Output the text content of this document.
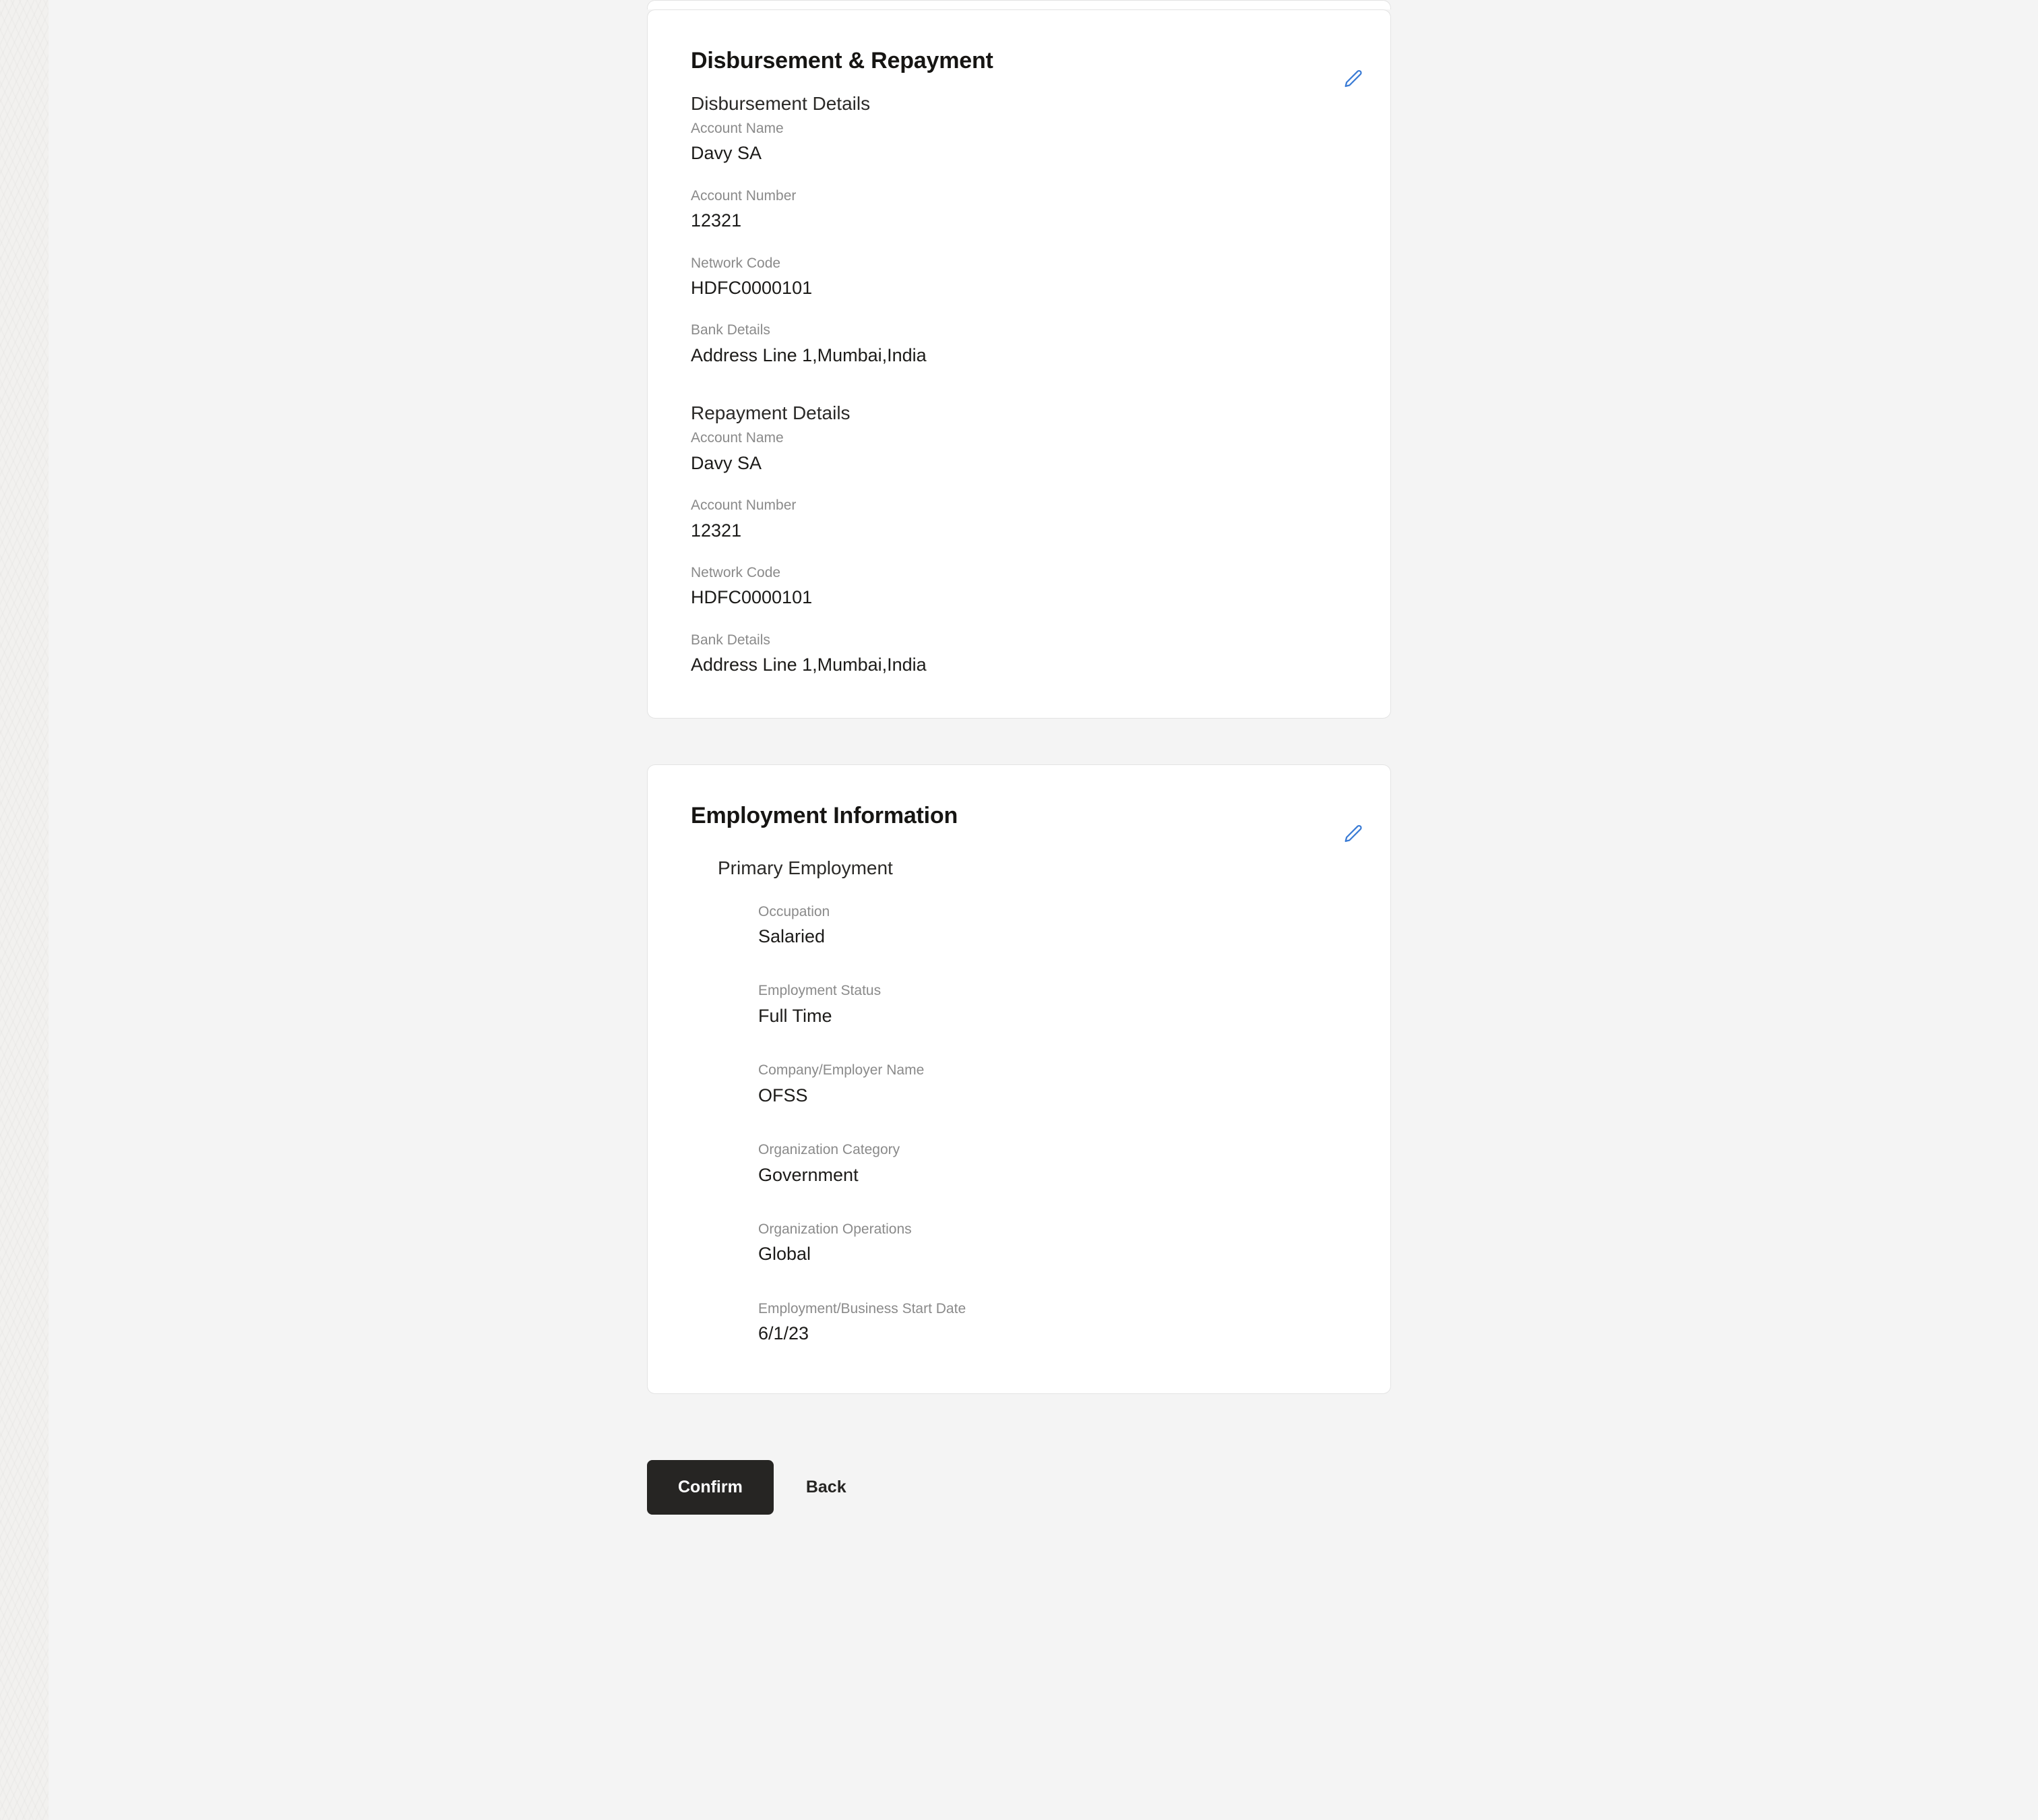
Disbursement & Repayment
Disbursement Details
Account Name
Davy SA
Account Number
12321
Network Code
HDFC0000101
Bank Details
Address Line 1,Mumbai,India
Repayment Details
Account Name
Davy SA
Account Number
12321
Network Code
HDFC0000101
Bank Details
Address Line 1,Mumbai,India
Employment Information
Primary Employment
Occupation
Salaried
Employment Status
Full Time
Company/Employer Name
OFSS
Organization Category
Government
Organization Operations
Global
Employment/Business Start Date
6/1/23
Confirm	Back
